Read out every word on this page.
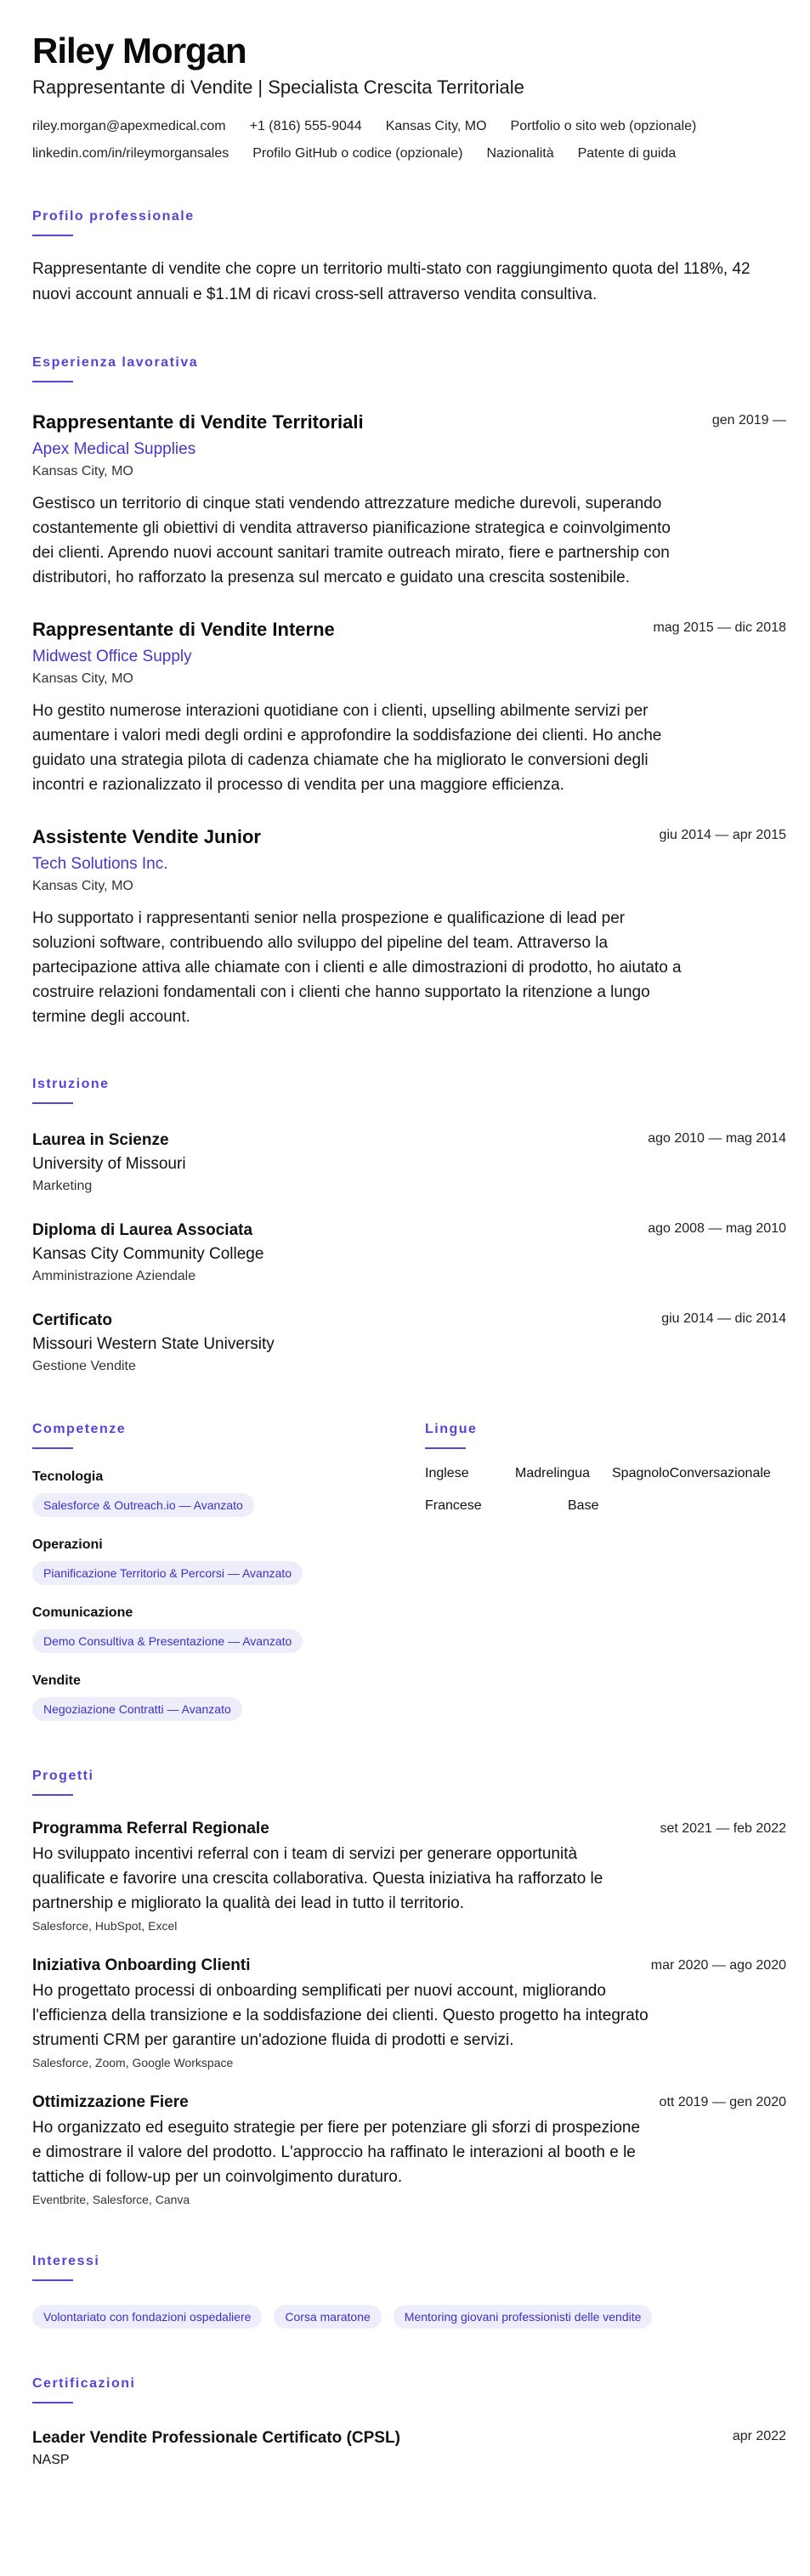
Riley Morgan
Rappresentante di Vendite | Specialista Crescita Territoriale
riley.morgan@apexmedical.com +1 (816) 555-9044 Kansas City, MO Portfolio o sito web (opzionale)
linkedin.com/in/rileymorgansales Profilo GitHub o codice (opzionale) Nazionalità Patente di guida
Profilo professionale
Rappresentante di vendite che copre un territorio multi-stato con raggiungimento quota del 118%, 42 nuovi account annuali e $1.1M di ricavi cross-sell attraverso vendita consultiva.
Esperienza lavorativa
Rappresentante di Vendite Territoriali	gen 2019 —
Apex Medical Supplies
Kansas City, MO
Gestisco un territorio di cinque stati vendendo attrezzature mediche durevoli, superando costantemente gli obiettivi di vendita attraverso pianificazione strategica e coinvolgimento dei clienti. Aprendo nuovi account sanitari tramite outreach mirato, fiere e partnership con distributori, ho rafforzato la presenza sul mercato e guidato una crescita sostenibile.
Rappresentante di Vendite Interne	mag 2015 — dic 2018
Midwest Office Supply
Kansas City, MO
Ho gestito numerose interazioni quotidiane con i clienti, upselling abilmente servizi per aumentare i valori medi degli ordini e approfondire la soddisfazione dei clienti. Ho anche guidato una strategia pilota di cadenza chiamate che ha migliorato le conversioni degli incontri e razionalizzato il processo di vendita per una maggiore efficienza.
Assistente Vendite Junior	giu 2014 — apr 2015
Tech Solutions Inc.
Kansas City, MO
Ho supportato i rappresentanti senior nella prospezione e qualificazione di lead per soluzioni software, contribuendo allo sviluppo del pipeline del team. Attraverso la partecipazione attiva alle chiamate con i clienti e alle dimostrazioni di prodotto, ho aiutato a costruire relazioni fondamentali con i clienti che hanno supportato la ritenzione a lungo termine degli account.
Istruzione
Laurea in Scienze	ago 2010 — mag 2014
University of Missouri
Marketing
Diploma di Laurea Associata	ago 2008 — mag 2010
Kansas City Community College
Amministrazione Aziendale
Certificato	giu 2014 — dic 2014
Missouri Western State University
Gestione Vendite
Competenze
Tecnologia
Salesforce & Outreach.io — Avanzato
Operazioni
Pianificazione Territorio & Percorsi — Avanzato
Comunicazione
Demo Consultiva & Presentazione — Avanzato
Vendite
Negoziazione Contratti — Avanzato
Lingue
Inglese	Madrelingua	Spagnolo Conversazionale
Francese	Base
Progetti
Programma Referral Regionale	set 2021 — feb 2022
Ho sviluppato incentivi referral con i team di servizi per generare opportunità qualificate e favorire una crescita collaborativa. Questa iniziativa ha rafforzato le partnership e migliorato la qualità dei lead in tutto il territorio.
Salesforce, HubSpot, Excel
Iniziativa Onboarding Clienti	mar 2020 — ago 2020
Ho progettato processi di onboarding semplificati per nuovi account, migliorando l'efficienza della transizione e la soddisfazione dei clienti. Questo progetto ha integrato strumenti CRM per garantire un'adozione fluida di prodotti e servizi.
Salesforce, Zoom, Google Workspace
Ottimizzazione Fiere	ott 2019 — gen 2020
Ho organizzato ed eseguito strategie per fiere per potenziare gli sforzi di prospezione e dimostrare il valore del prodotto. L'approccio ha raffinato le interazioni al booth e le tattiche di follow-up per un coinvolgimento duraturo.
Eventbrite, Salesforce, Canva
Interessi
Volontariato con fondazioni ospedaliere	Corsa maratone	Mentoring giovani professionisti delle vendite
Certificazioni
Leader Vendite Professionale Certificato (CPSL)	apr 2022
NASP
